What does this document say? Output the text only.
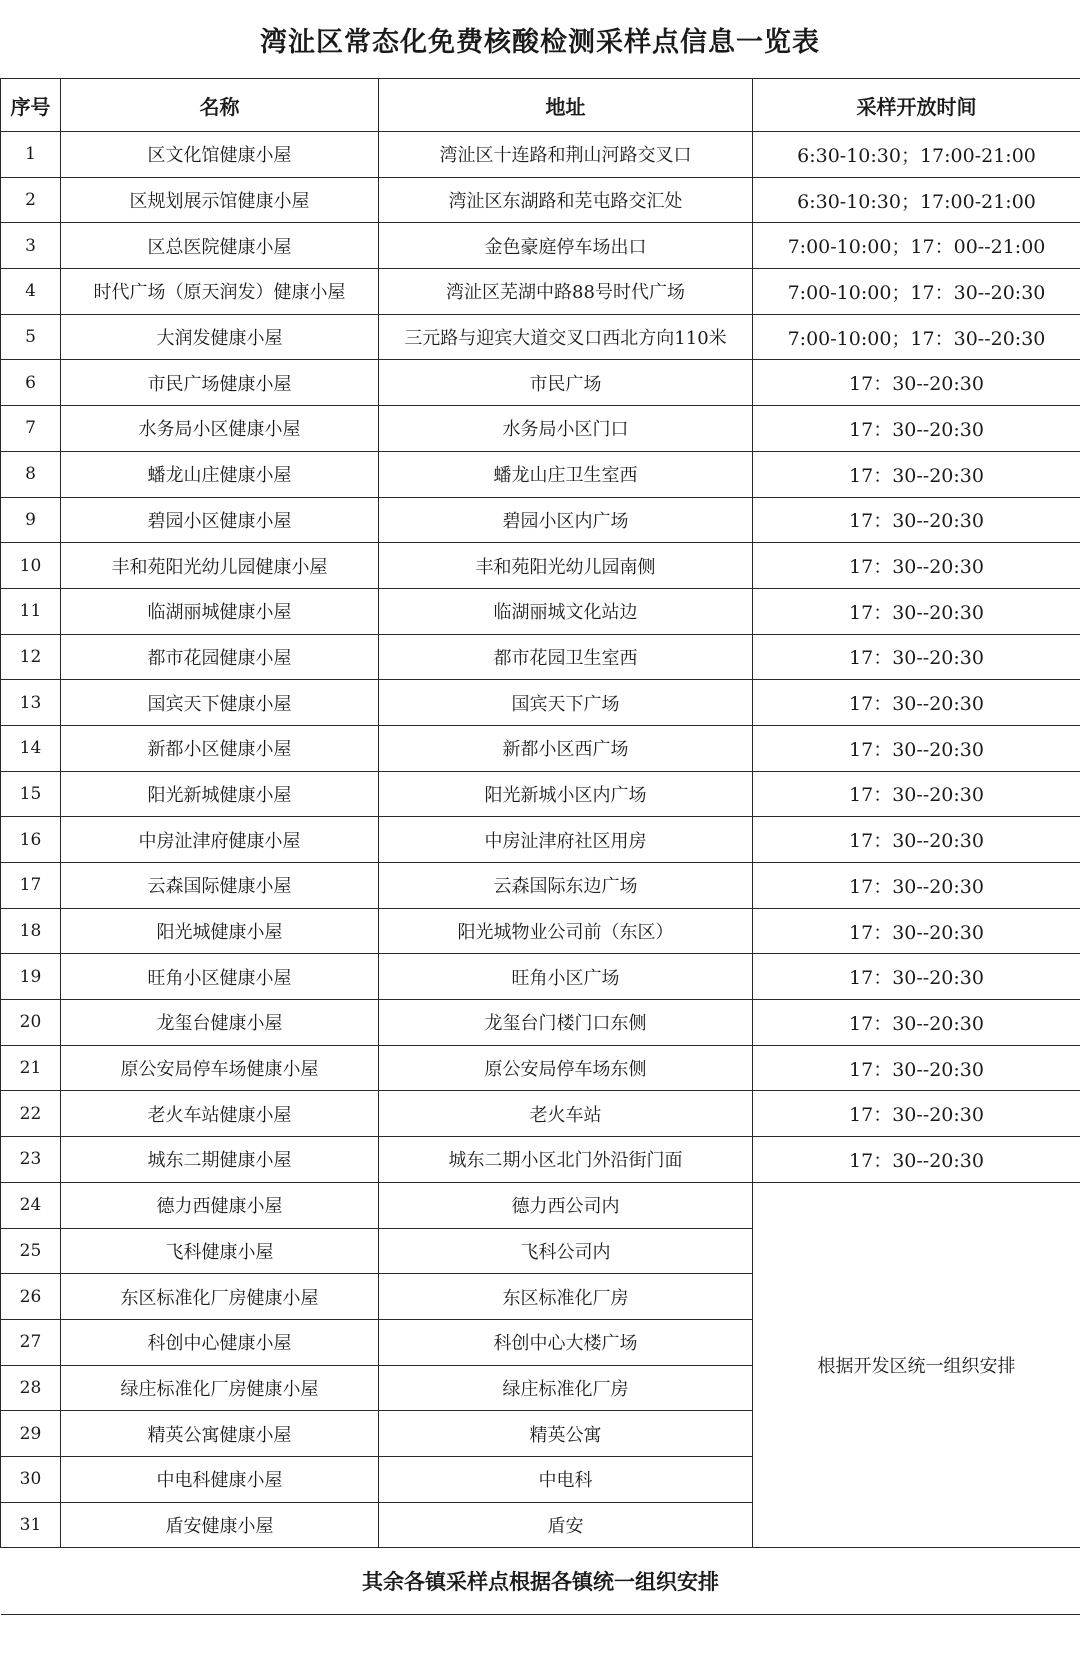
湾沚区常态化免费核酸检测采样点信息一览表
序号	名称	地址	采样开放时间
1	区文化馆健康小屋	湾沚区十连路和荆山河路交叉口	6:30-10:30；17:00-21:00
2	区规划展示馆健康小屋	湾沚区东湖路和芜屯路交汇处	6:30-10:30；17:00-21:00
3	区总医院健康小屋	金色豪庭停车场出口	7:00-10:00；17：00--21:00
4	时代广场（原天润发）健康小屋	湾沚区芜湖中路88号时代广场	7:00-10:00；17：30--20:30
5	大润发健康小屋	三元路与迎宾大道交叉口西北方向110米	7:00-10:00；17：30--20:30
6	市民广场健康小屋	市民广场	17：30--20:30
7	水务局小区健康小屋	水务局小区门口	17：30--20:30
8	蟠龙山庄健康小屋	蟠龙山庄卫生室西	17：30--20:30
9	碧园小区健康小屋	碧园小区内广场	17：30--20:30
10	丰和苑阳光幼儿园健康小屋	丰和苑阳光幼儿园南侧	17：30--20:30
11	临湖丽城健康小屋	临湖丽城文化站边	17：30--20:30
12	都市花园健康小屋	都市花园卫生室西	17：30--20:30
13	国宾天下健康小屋	国宾天下广场	17：30--20:30
14	新都小区健康小屋	新都小区西广场	17：30--20:30
15	阳光新城健康小屋	阳光新城小区内广场	17：30--20:30
16	中房沚津府健康小屋	中房沚津府社区用房	17：30--20:30
17	云森国际健康小屋	云森国际东边广场	17：30--20:30
18	阳光城健康小屋	阳光城物业公司前（东区）	17：30--20:30
19	旺角小区健康小屋	旺角小区广场	17：30--20:30
20	龙玺台健康小屋	龙玺台门楼门口东侧	17：30--20:30
21	原公安局停车场健康小屋	原公安局停车场东侧	17：30--20:30
22	老火车站健康小屋	老火车站	17：30--20:30
23	城东二期健康小屋	城东二期小区北门外沿街门面	17：30--20:30
24	德力西健康小屋	德力西公司内	根据开发区统一组织安排
25	飞科健康小屋	飞科公司内	
26	东区标准化厂房健康小屋	东区标准化厂房	
27	科创中心健康小屋	科创中心大楼广场	
28	绿庄标准化厂房健康小屋	绿庄标准化厂房	
29	精英公寓健康小屋	精英公寓	
30	中电科健康小屋	中电科	
31	盾安健康小屋	盾安	
其余各镇采样点根据各镇统一组织安排			
